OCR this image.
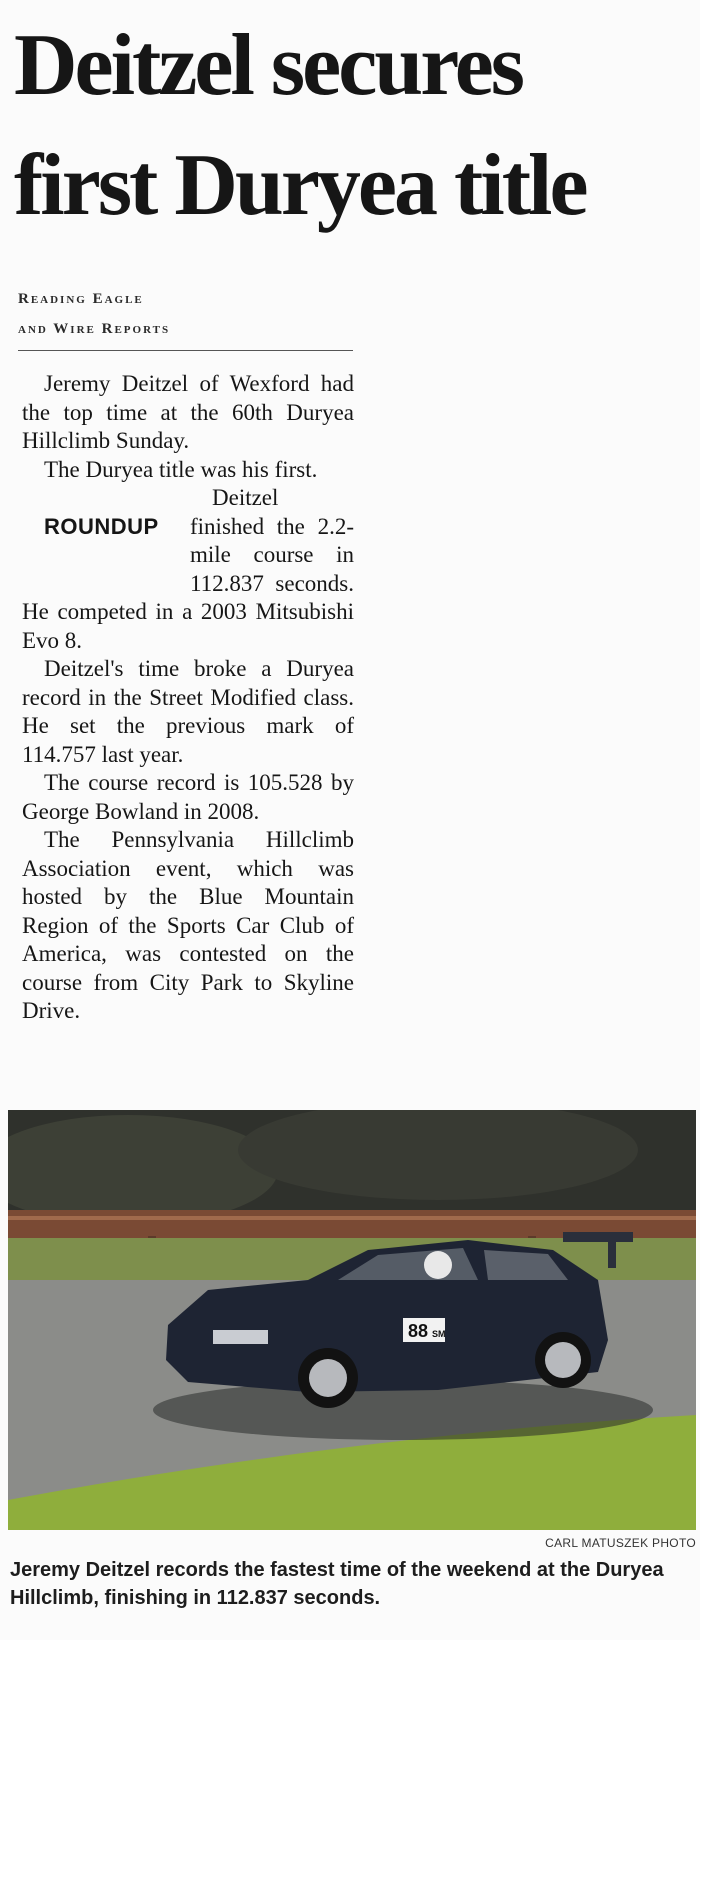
Deitzel secures
first Duryea title
Reading Eagle
and Wire Reports

Jeremy Deitzel of Wexford had the top time at the 60th Duryea Hillclimb Sunday.

The Duryea title was his first.

ROUNDUP
Deitzel finished the 2.2-mile course in 112.837 seconds. He competed in a 2003 Mitsubishi Evo 8.

Deitzel's time broke a Duryea record in the Street Modified class. He set the previous mark of 114.757 last year.

The course record is 105.528 by George Bowland in 2008.

The Pennsylvania Hillclimb Association event, which was hosted by the Blue Mountain Region of the Sports Car Club of America, was contested on the course from City Park to Skyline Drive.

88 SM
CARL MATUSZEK PHOTO

Jeremy Deitzel records the fastest time of the weekend at the Duryea Hillclimb, finishing in 112.837 seconds.
